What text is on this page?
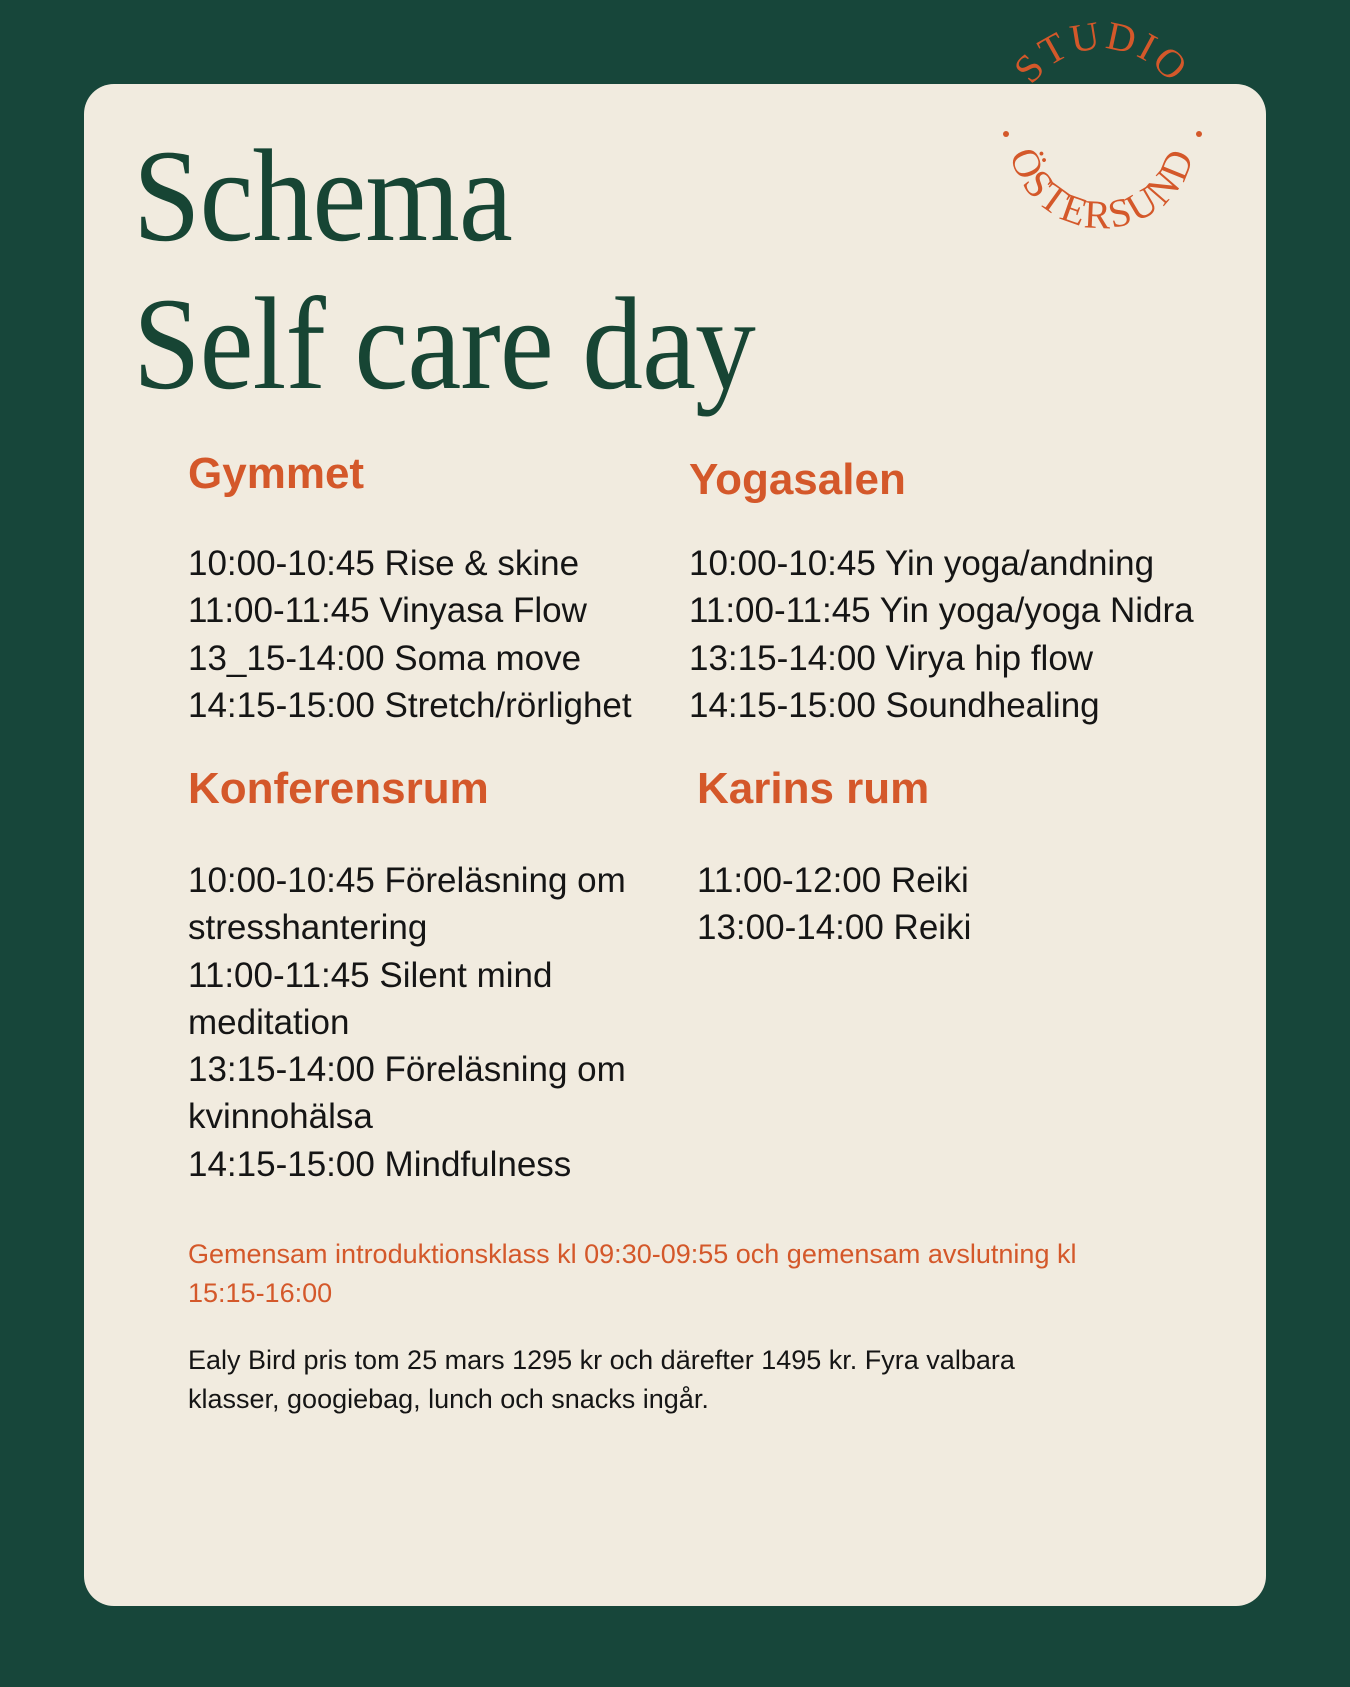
STUDIO
ÖSTERSUND
Schema
Self care day
Gymmet
10:00-10:45 Rise & skine
11:00-11:45 Vinyasa Flow
13_15-14:00 Soma move
14:15-15:00 Stretch/rörlighet
Yogasalen
10:00-10:45 Yin yoga/andning
11:00-11:45 Yin yoga/yoga Nidra
13:15-14:00 Virya hip flow
14:15-15:00 Soundhealing
Konferensrum
10:00-10:45 Föreläsning om stresshantering
11:00-11:45 Silent mind meditation
13:15-14:00 Föreläsning om kvinnohälsa
14:15-15:00 Mindfulness
Karins rum
11:00-12:00 Reiki
13:00-14:00 Reiki
Gemensam introduktionsklass kl 09:30-09:55 och gemensam avslutning kl 15:15-16:00
Ealy Bird pris tom 25 mars 1295 kr och därefter 1495 kr. Fyra valbara klasser, googiebag, lunch och snacks ingår.
